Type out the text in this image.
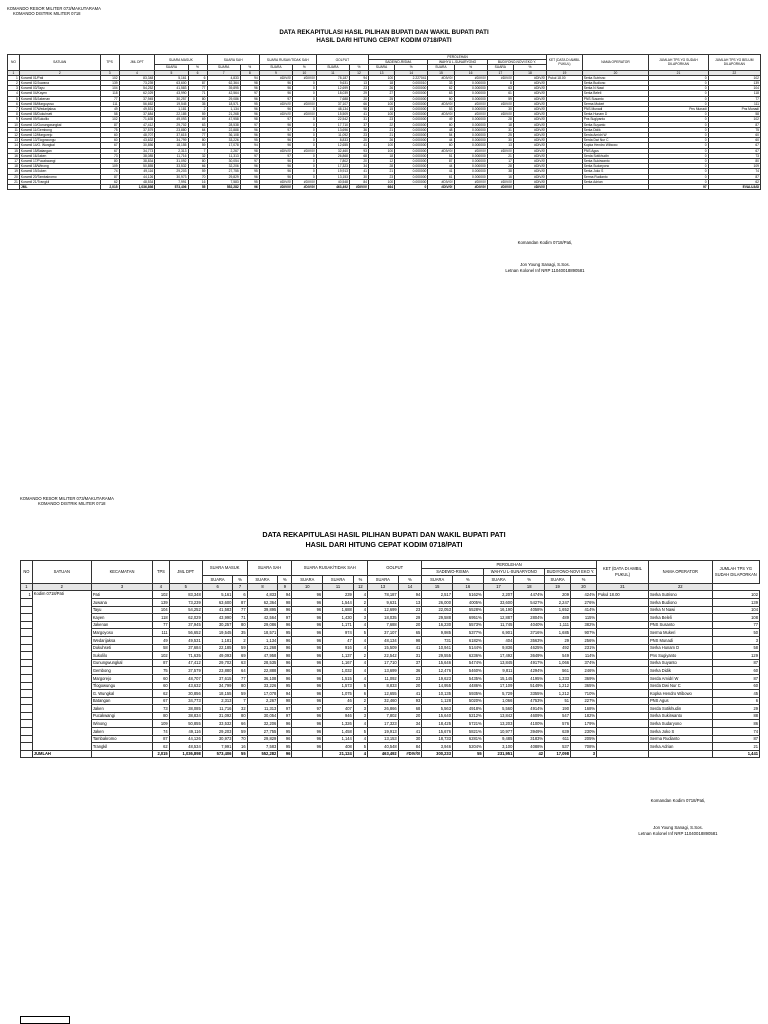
KOMANDO RESOR MILITER 073/MAKUTARAMA
KOMANDO DISTRIK MILITER 0718
DATA REKAPITULASI HASIL PILIHAN BUPATI DAN WAKIL BUPATI PATI
HASIL DARI HITUNG CEPAT KODIM 0718/PATI
NO	SATUAN	TPS	JML DPT	SUARA MASUK		SUARA SAH		SUARA RUSAK/TIDAK SAH		GOLPUT		PEROLEHAN						KET (DATA DI AMBIL PUKUL)	NAMA OPERATOR	JUMLAH TPS YG SUDAH DILAPORKAN	JUMLAH TPS YG BELUM DILAPORKAN
												SADEWO-RISMA		WAHYU L-SUNARYONO		BUDIYONO-NOVI EKO Y.					
				SUARA	%	SUARA	%	SUARA	%	SUARA	%	SUARA	%	SUARA	%	SUARA	%				
1	2	3	4	5	6	7	8	9	10	11	12	13	14	15	16	17	18	19	20	21	22
1	Koramil 01/Pati	102	83,348	5,161	6	4,833	94	#DIV/0!	#DIV/0!	78,187	94	100	2.227041	#DIV/0!	#DIV/0!	#DIV/0!	#DIV/0!	Pukul 18.00	Serka Sutrisno	0	102
2	Koramil 02/Juwana	139	73,239	63,600	87	62,364	98	96	0	9,631	13	18	0.000010	33	0.000000	8	#DIV/0!		Serka Budiono	0	139
3	Koramil 03/Tayu	104	54,252	41,583	77	39,895	96	96	0	12,699	23	26	0.000000	62	0.000000	63	#DIV/0!		Serka N Nawi	0	104
4	Koramil 04/Kayen	118	62,029	43,990	71	42,564	97	96	0	18,039	29	27	0.000000	63	0.000000	61	#DIV/0!		Serka Beleli	0	118
5	Koramil 05/Jakenan	77	37,945	30,257	80	29,086	96	97	0	7,688	20	25	0.000000	60	0.000000	59	#DIV/0!		PNS Susanto	0	77
6	Koramil 06/Margoyoso	111	56,652	19,545	35	18,571	95	#DIV/0!	#DIV/0!	37,107	66	100	0.000000	#DIV/0!	#DIV/0!	#DIV/0!	#DIV/0!		Serma Mukeri	0	111
7	Koramil 07/Wedarijaksa	49	49,531	1,181	2	1,134	96	96	0	48,134	98	15	0.000000	53	0.000000	30	#DIV/0!		PNS Munadi	Pns Munadi	Pns Munadi
8	Koramil 08/Dukuhseti	58	37,684	22,185	59	21,268	96	#DIV/0!	#DIV/0!	15,509	41	100	0.000000	#DIV/0!	#DIV/0!	#DIV/0!	#DIV/0!		Serka Hunam D	0	58
9	Koramil 09/Sukolilo	102	71,635	49,093	69	47,958	98	97	0	22,542	31	23	0.000000	49	0.000000	28	#DIV/0!		Pns Sugiyanto	0	102
10	Koramil 10/Gunungwungkal	87	47,412	29,702	63	28,538	97	96	0	17,710	37	22	0.000000	60	0.000000	18	#DIV/0!		Serka Suyanto	0	87
11	Koramil 11/Gembong	75	37,579	23,880	64	22,888	96	97	0	13,696	36	21	0.000000	48	0.000000	31	#DIV/0!		Serka Didik	0	75
12	Koramil 12/Margorejo	60	48,707	37,615	77	36,108	96	96	0	11,092	23	21	0.000000	54	0.000000	25	#DIV/0!		Serda Amidri W	0	60
13	Koramil 13/Tlogowungu	60	43,632	34,799	80	33,226	95	96	0	8,833	20	26	0.000000	44	0.000000	30	#DIV/0!		Serda Dwi Nur C	0	60
14	Koramil 14/G. Wungkal	67	30,856	18,155	59	17,078	94	96	0	12,655	41	100	0.000000	60	0.000000	13	#DIV/0!		Kopka Hendro Wibowo	0	67
15	Koramil 15/Batangan	67	34,773	2,313	7	2,267	98	#DIV/0!	#DIV/0!	32,460	93	100	0.000000	#DIV/0!	#DIV/0!	#DIV/0!	#DIV/0!		PNS Agus	0	67
16	Koramil 16/Jaken	73	38,085	11,716	32	11,313	97	97	0	26,868	68	18	0.000000	51	0.000000	21	#DIV/0!		Serda Sotikhudin	0	73
17	Koramil 17/Pucakwangi	80	38,834	31,092	80	30,054	97	96	0	7,802	20	12	0.000000	87	0.000000	17	#DIV/0!		Serka Sukirwanto	0	80
18	Koramil 18/Winong	109	50,855	33,532	66	32,206	96	96	0	17,323	34	28	0.000000	44	0.000000	28	#DIV/0!		Serka Sudaryono	0	109
19	Koramil 19/Juken	74	49,116	29,203	59	27,755	95	96	0	19,913	41	21	0.000000	41	0.000000	38	#DIV/0!		Serka Joko S	0	74
20	Koramil 20/Tambakromo	87	44,126	30,973	70	29,829	96	96	0	13,153	30	23	0.000000	61	0.000000	16	#DIV/0!		Serma Rudianto	0	87
21	Koramil 21/Trangkil	62	48,534	7,991	16	7,583	95	#DIV/0!	#DIV/0!	40,548	84	100	0.000000	#DIV/0!	#DIV/0!	#DIV/0!	#DIV/0!		Serka Adrian	0	62
	JML	2,015	1,036,898	573,406	55	552,282	96	#DIV/0!	#DIV/0!	463,492	#DIV/0!	664	0	#DIV/0!	#DIV/0!	#DIV/0!	#DIV/0!			97	EVALUASI
Komandan Kodim 0718/Pati,
Jon Young Sanagi, S.Sos.
Letnan Kolonel Inf NRP 11040018890581
KOMANDO RESOR MILITER 073/MAKUTARAMA
KOMANDO DISTRIK MILITER 0718
DATA REKAPITULASI HASIL PILIHAN BUPATI DAN WAKIL BUPATI PATI
HASIL DARI HITUNG CEPAT KODIM 0718/PATI
NO	SATUAN	KECAMATAN	TPS	JML DPT	SUARA MASUK		SUARA SAH		SUARA RUSAK/TIDAK SAH			GOLPUT		PEROLEHAN						KET (DATA DI AMBIL PUKUL)	NAMA OPERATOR	JUMLAH TPS YG SUDAH DILAPORKAN
														SADEWO-RISMA		WAHYU L-SUNARYONO		BUDIYONO-NOVI EKO Y.				
					SUARA	%	SUARA	%	SUARA	SUARA	%	SUARA	%	SUARA	%	SUARA	%	SUARA	%			
1	2	3	4	5	6	7	8	9	10	11	12	13	14	15	16	17	18	19	20	21	22	
1	Kodim 0718/Pati	Pati	102	83,348	5,161	6	4,833	94	96	239	4	78,187	94	2,517	5162%	2,207	4474%	209	424%	Pukul 18.00	Serka Sutrisno	102
		Juwana	139	73,239	63,600	87	62,364	98	96	1,544	2	9,631	13	26,000	4005%	33,600	5427%	2,247	276%		Serka Budiono	139
		Tayu	104	54,252	41,583	77	39,895	96	96	1,688	4	12,699	23	22,053	5528%	16,190	4058%	1,652	414%		Serka N Nawi	104
		Kayen	118	62,029	43,990	71	42,564	97	96	1,430	3	18,035	29	29,588	6951%	12,887	2804%	489	115%		Serka Beleli	108
		Jakenan	77	37,945	30,257	80	29,086	96	96	1,171	4	7,688	20	16,230	5573%	11,745	4040%	1,111	382%		PNS Susanto	77
		Margoyoso	111	56,652	19,545	35	18,571	95	96	974	5	37,107	65	9,985	5377%	6,901	3716%	1,685	907%		Serma Mukeri	50
		Wedarijaksa	49	49,531	1,181	2	1,134	96	96	47	4	48,134	98	731	6182%	404	3563%	29	256%		PNS Munadi	3
		Dukuhseti	58	37,684	22,185	59	21,268	96	96	916	4	15,509	41	10,941	5144%	9,836	4625%	492	231%		Serka Hunam D	58
		Sukolilo	102	71,635	49,093	69	47,958	98	96	1,137	2	22,542	31	29,555	6236%	17,492	3649%	549	114%		Pns Sugiyanto	129
		Gunungwungkal	87	47,412	29,702	63	28,535	96	96	1,167	4	17,710	37	15,646	5474%	13,845	4917%	1,066	374%		Serka Suyanto	87
		Gembong	75	37,579	23,880	64	22,888	96	96	1,032	4	13,699	36	12,476	5460%	9,811	4294%	561	246%		Serka Didik	60
		Margorejo	60	48,707	37,615	77	36,108	96	96	1,515	4	11,092	23	19,623	5435%	15,145	4195%	1,333	369%		Serda Amidri W	87
		Tlogowungu	60	43,632	34,799	80	33,226	95	96	1,573	5	8,833	20	14,955	4486%	17,109	5149%	1,212	365%		Serda Dwi Nur C	60
		G. Wungkal	62	30,856	18,155	59	17,078	94	96	1,075	6	12,655	41	10,135	5935%	5,729	3355%	1,212	710%		Kopka Hendro Wibowo	45
		Batangan	67	34,773	2,313	7	2,267	98	96	46	2	32,460	93	1,128	5020%	1,066	4753%	51	227%		PNS Agus	6
		Jaken	73	38,085	11,716	32	11,313	97	97	407	3	26,866	68	5,563	4918%	5,560	4914%	190	168%		Serda Sotikhudin	29
		Pucakwangi	80	38,834	31,092	80	30,054	97	96	946	3	7,802	20	15,640	5212%	13,842	4609%	547	182%		Serka Sukirwanto	88
		Winong	109	50,855	33,532	66	32,206	96	96	1,326	4	17,323	34	18,425	5721%	13,203	4100%	576	179%		Serka Sudaryono	86
		Jaken	74	49,116	29,203	59	27,755	95	96	1,458	5	19,913	41	15,676	5821%	10,977	3949%	639	230%		Serka Joko S	74
		Tambakromo	87	44,126	30,973	70	29,829	96	96	1,144	4	13,153	30	18,733	6281%	9,485	3183%	611	205%		Serma Rudianto	87
		Trangkil	62	48,534	7,991	16	7,583	95	96	408	5	40,548	84	3,946	5204%	3,100	4088%	537	708%		Serka Adrian	21
	JUMLAH		2,015	1,036,898	573,406	55	552,282	96		21,124	4	463,492	#DIV/0!	300,233	55	231,951	42	17,098	3			1,441
Komandan Kodim 0718/Pati,
Jon Young Sanagi, S.Sos.
Letnan Kolonel Inf NRP 11040018890581
